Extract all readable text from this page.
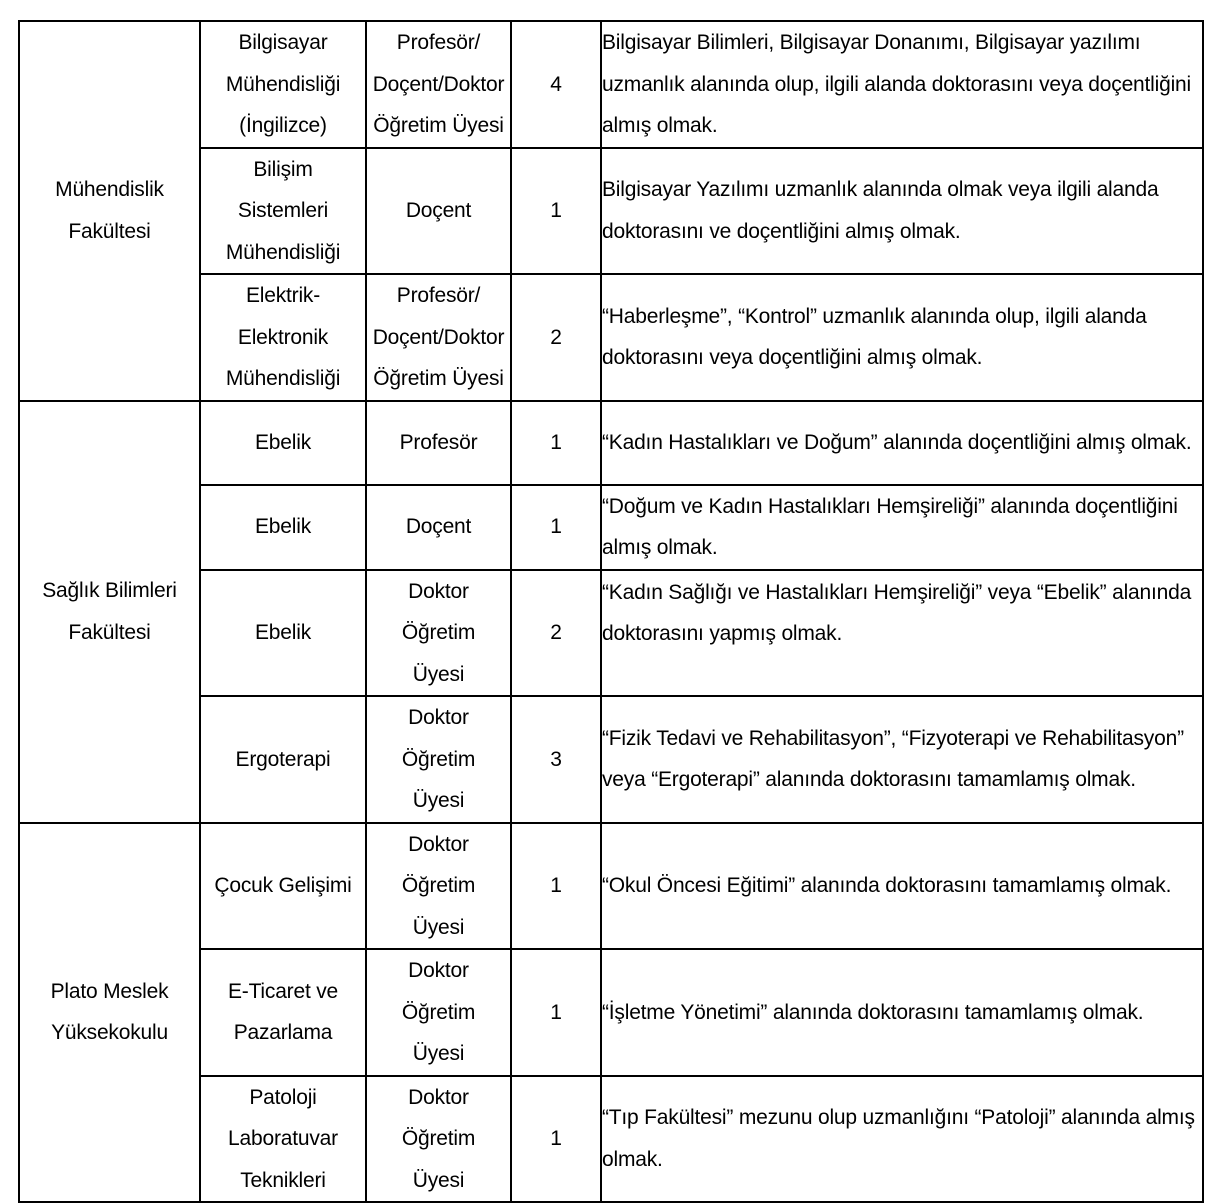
Mühendislik Fakültesi	Bilgisayar Mühendisliği (İngilizce)	Profesör/ Doçent/Doktor Öğretim Üyesi	4	Bilgisayar Bilimleri, Bilgisayar Donanımı, Bilgisayar yazılımı uzmanlık alanında olup, ilgili alanda doktorasını veya doçentliğini almış olmak.

	Bilişim Sistemleri Mühendisliği	Doçent	1	Bilgisayar Yazılımı uzmanlık alanında olmak veya ilgili alanda doktorasını ve doçentliğini almış olmak.

	Elektrik-Elektronik Mühendisliği	Profesör/ Doçent/Doktor Öğretim Üyesi	2	“Haberleşme”, “Kontrol” uzmanlık alanında olup, ilgili alanda doktorasını veya doçentliğini almış olmak.

Sağlık Bilimleri Fakültesi	Ebelik	Profesör	1	“Kadın Hastalıkları ve Doğum” alanında doçentliğini almış olmak.

	Ebelik	Doçent	1	“Doğum ve Kadın Hastalıkları Hemşireliği” alanında doçentliğini almış olmak.

	Ebelik	Doktor Öğretim Üyesi	2	“Kadın Sağlığı ve Hastalıkları Hemşireliği” veya “Ebelik” alanında doktorasını yapmış olmak.

	Ergoterapi	Doktor Öğretim Üyesi	3	“Fizik Tedavi ve Rehabilitasyon”, “Fizyoterapi ve Rehabilitasyon” veya “Ergoterapi” alanında doktorasını tamamlamış olmak.

Plato Meslek Yüksekokulu	Çocuk Gelişimi	Doktor Öğretim Üyesi	1	“Okul Öncesi Eğitimi” alanında doktorasını tamamlamış olmak.

	E-Ticaret ve Pazarlama	Doktor Öğretim Üyesi	1	“İşletme Yönetimi” alanında doktorasını tamamlamış olmak.

	Patoloji Laboratuvar Teknikleri	Doktor Öğretim Üyesi	1	“Tıp Fakültesi” mezunu olup uzmanlığını “Patoloji” alanında almış olmak.
